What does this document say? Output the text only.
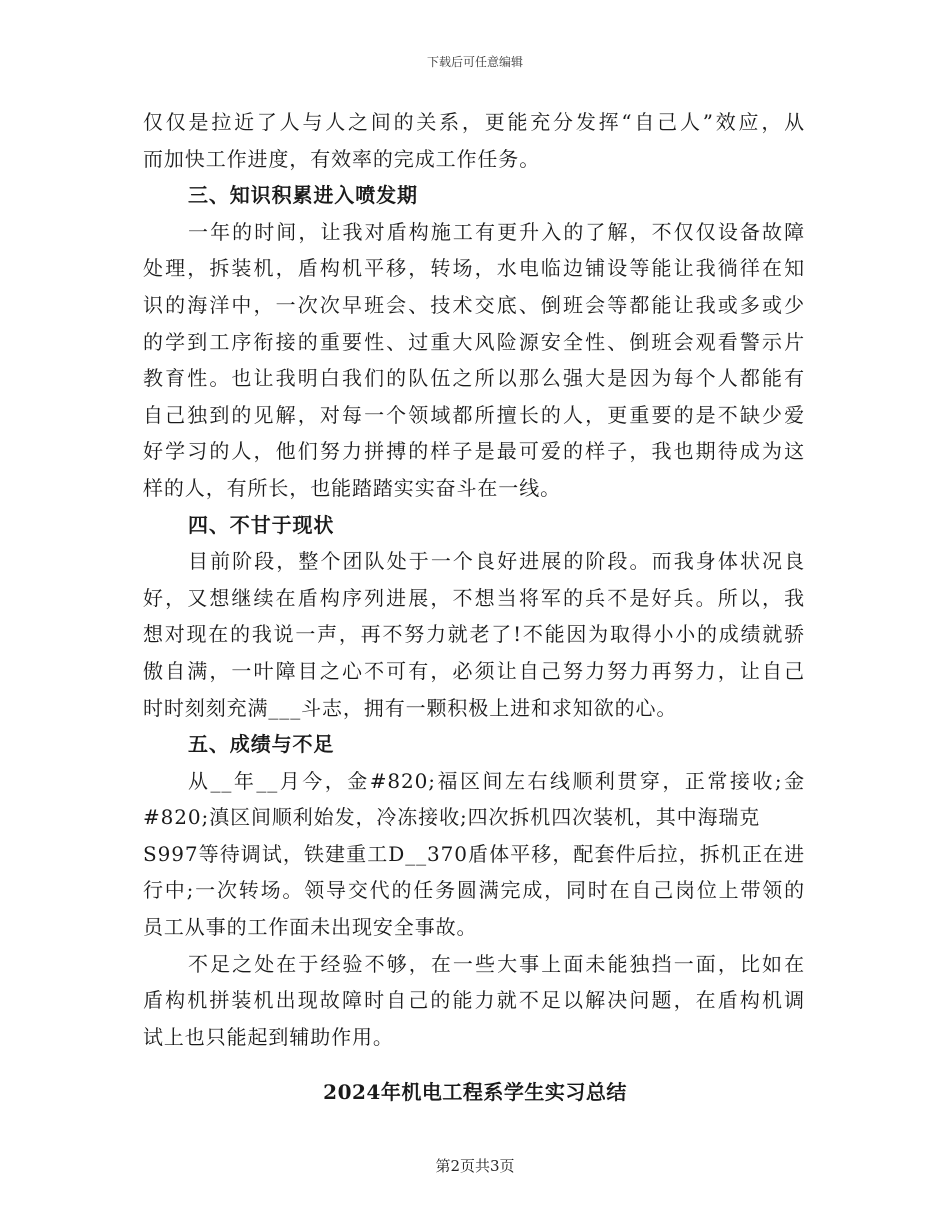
下载后可任意编辑
仅仅是拉近了人与人之间的关系，更能充分发挥“自己人”效应，从
而加快工作进度，有效率的完成工作任务。
三、知识积累进入喷发期
一年的时间，让我对盾构施工有更升入的了解，不仅仅设备故障
处理，拆装机，盾构机平移，转场，水电临边铺设等能让我徜徉在知
识的海洋中，一次次早班会、技术交底、倒班会等都能让我或多或少
的学到工序衔接的重要性、过重大风险源安全性、倒班会观看警示片
教育性。也让我明白我们的队伍之所以那么强大是因为每个人都能有
自己独到的见解，对每一个领域都所擅长的人，更重要的是不缺少爱
好学习的人，他们努力拼搏的样子是最可爱的样子，我也期待成为这
样的人，有所长，也能踏踏实实奋斗在一线。
四、不甘于现状
目前阶段，整个团队处于一个良好进展的阶段。而我身体状况良
好，又想继续在盾构序列进展，不想当将军的兵不是好兵。所以，我
想对现在的我说一声，再不努力就老了!不能因为取得小小的成绩就骄
傲自满，一叶障目之心不可有，必须让自己努力努力再努力，让自己
时时刻刻充满___斗志，拥有一颗积极上进和求知欲的心。
五、成绩与不足
从__年__月今，金#820;福区间左右线顺利贯穿，正常接收;金
#820;滇区间顺利始发，冷冻接收;四次拆机四次装机，其中海瑞克
S997等待调试，铁建重工D__370盾体平移，配套件后拉，拆机正在进
行中;一次转场。领导交代的任务圆满完成，同时在自己岗位上带领的
员工从事的工作面未出现安全事故。
不足之处在于经验不够，在一些大事上面未能独挡一面，比如在
盾构机拼装机出现故障时自己的能力就不足以解决问题，在盾构机调
试上也只能起到辅助作用。
2024年机电工程系学生实习总结
第2页共3页
